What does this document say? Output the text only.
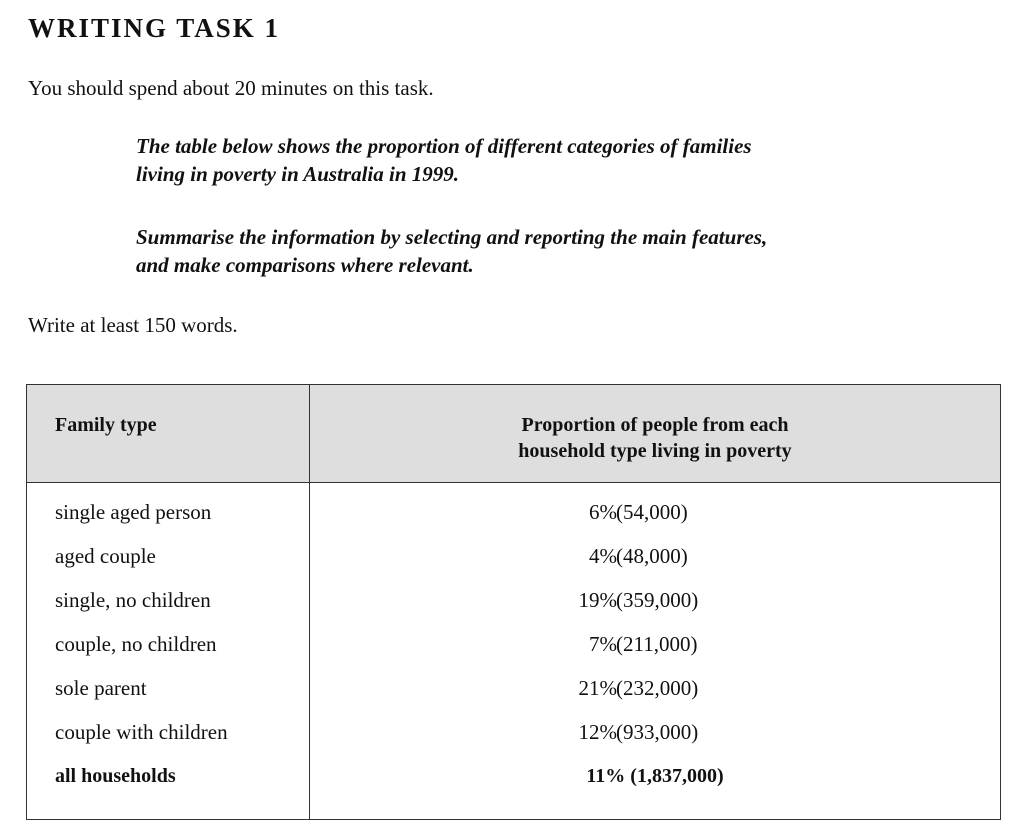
WRITING TASK 1

You should spend about 20 minutes on this task.

The table below shows the proportion of different categories of families
living in poverty in Australia in 1999.
Summarise the information by selecting and reporting the main features,
and make comparisons where relevant.

Write at least 150 words.

Family type	Proportion of people from each
household type living in poverty
single aged person	6% (54,000)
aged couple	4% (48,000)
single, no children	19% (359,000)
couple, no children	7% (211,000)
sole parent	21% (232,000)
couple with children	12% (933,000)
all households	11% (1,837,000)
